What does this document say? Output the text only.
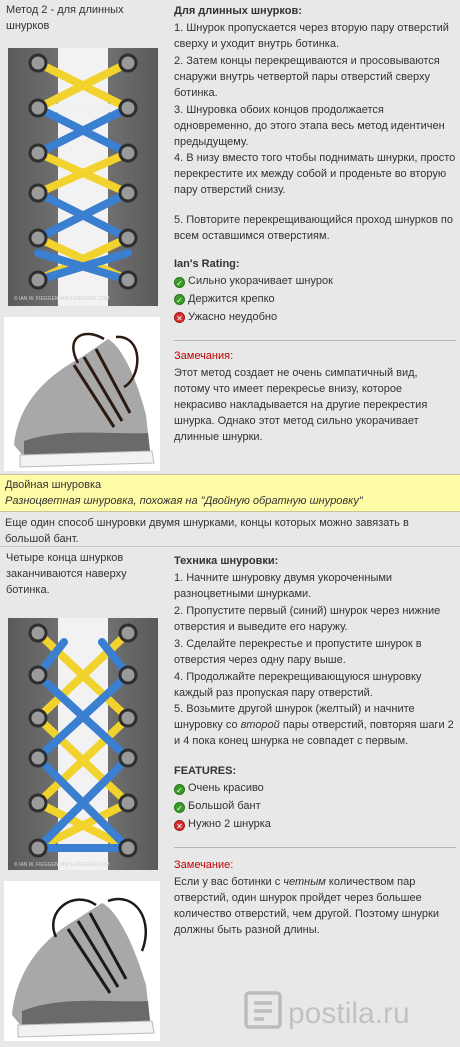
Метод 2 - для длинных шнурков
© IAN W. FIEGGEN IAN'S.FIEGGEN.COM
Для длинных шнурков:
1. Шнурок пропускается через вторую пару отверстий сверху и уходит внутрь ботинка.
2. Затем концы перекрещиваются и просовываются снаружи внутрь четвертой пары отверстий сверху ботинка.
3. Шнуровка обоих концов продолжается одновременно, до этого этапа весь метод идентичен предыдущему.
4. В низу вместо того чтобы поднимать шнурки, просто перекрестите их между собой и проденьте во вторую пару отверстий снизу.
5. Повторите перекрещивающийся проход шнурков по всем оставшимся отверстиям.
Ian's Rating:
✓ Сильно укорачивает шнурок
✓ Держится крепко
✕ Ужасно неудобно
Замечания:
Этот метод создает не очень симпатичный вид, потому что имеет перекресье внизу, которое некрасиво накладывается на другие перекрестия шнурка. Однако этот метод сильно укорачивает длинные шнурки.
Двойная шнуровка
Разноцветная шнуровка, похожая на "Двойную обратную шнуровку"
Еще один способ шнуровки двумя шнурками, концы которых можно завязать в большой бант.
Четыре конца шнурков заканчиваются наверху ботинка.
© IAN W. FIEGGEN IAN'S.FIEGGEN.COM
Техника шнуровки:
1. Начните шнуровку двумя укороченными разноцветными шнурками.
2. Пропустите первый (синий) шнурок через нижние отверстия и выведите его наружу.
3. Сделайте перекрестье и пропустите шнурок в отверстия через одну пару выше.
4. Продолжайте перекрещивающуюся шнуровку каждый раз пропуская пару отверстий.
5. Возьмите другой шнурок (желтый) и начните шнуровку со второй пары отверстий, повторяя шаги 2 и 4 пока конец шнурка не совпадет с первым.
FEATURES:
✓ Очень красиво
✓ Большой бант
✕ Нужно 2 шнурка
Замечание:
Если у вас ботинки с четным количеством пар отверстий, один шнурок пройдет через большее количество отверстий, чем другой. Поэтому шнурки должны быть разной длины.
postila.ru
